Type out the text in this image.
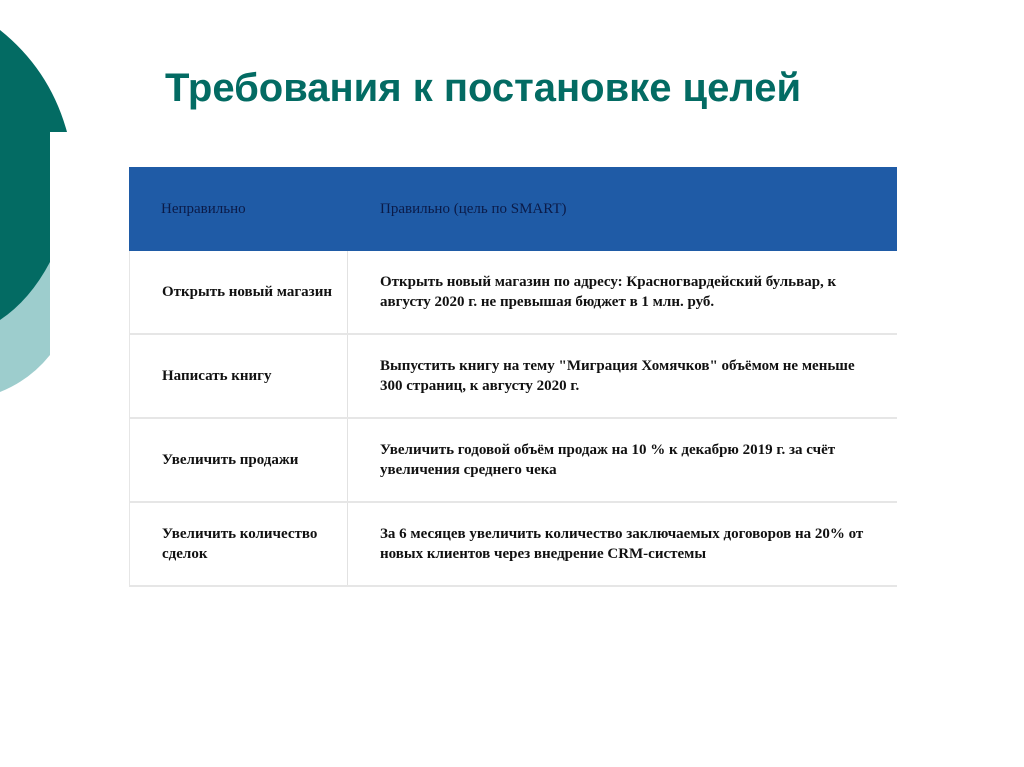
Требования к постановке целей
Неправильно	Правильно (цель по SMART)
Открыть новый магазин
Открыть новый магазин по адресу: Красногвардейский бульвар, к августу 2020 г. не превышая бюджет в 1 млн. руб.
Написать книгу
Выпустить книгу на тему "Миграция Хомячков" объёмом не меньше 300 страниц, к августу 2020 г.
Увеличить продажи
Увеличить годовой объём продаж на 10 % к декабрю 2019 г. за счёт увеличения среднего чека
Увеличить количество сделок
За 6 месяцев увеличить количество заключаемых договоров на 20% от новых клиентов через внедрение CRM-системы
